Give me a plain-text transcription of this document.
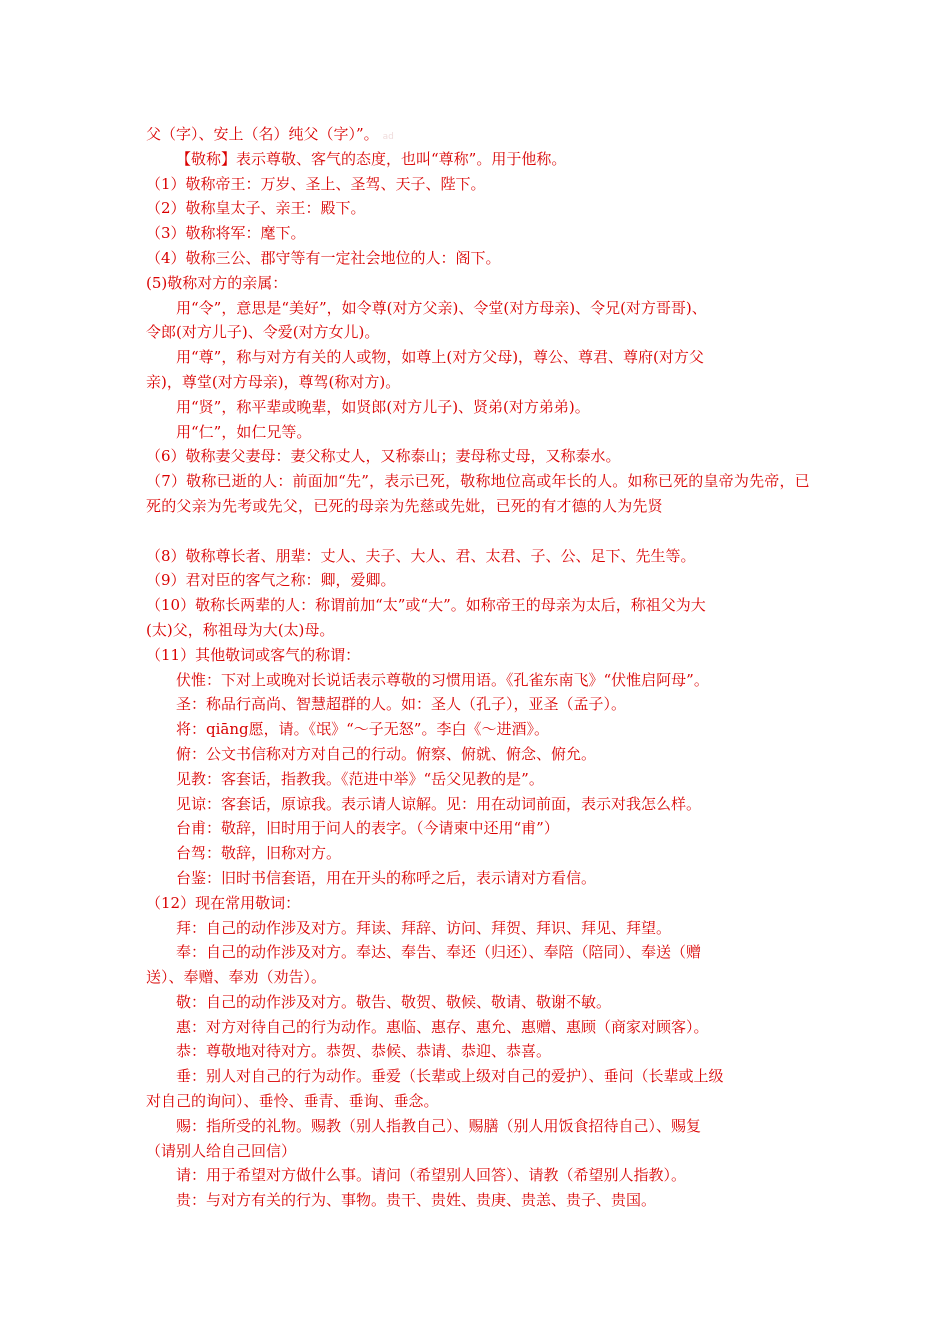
父（字）、安上（名）纯父（字）”。 ad

【敬称】表示尊敬、客气的态度，也叫“尊称”。用于他称。

（1）敬称帝王：万岁、圣上、圣驾、天子、陛下。

（2）敬称皇太子、亲王：殿下。

（3）敬称将军：麾下。

（4）敬称三公、郡守等有一定社会地位的人：阁下。

(5)敬称对方的亲属：

用“令”，意思是“美好”，如令尊(对方父亲)、令堂(对方母亲)、令兄(对方哥哥)、

令郎(对方儿子)、令爱(对方女儿)。

用“尊”，称与对方有关的人或物，如尊上(对方父母)，尊公、尊君、尊府(对方父

亲)，尊堂(对方母亲)，尊驾(称对方)。

用“贤”，称平辈或晚辈，如贤郎(对方儿子)、贤弟(对方弟弟)。

用“仁”，如仁兄等。

（6）敬称妻父妻母：妻父称丈人，又称泰山；妻母称丈母，又称泰水。

（7）敬称已逝的人：前面加“先”，表示已死，敬称地位高或年长的人。如称已死的皇帝为先帝，已死的父亲为先考或先父，已死的母亲为先慈或先妣，已死的有才德的人为先贤

（8）敬称尊长者、朋辈：丈人、夫子、大人、君、太君、子、公、足下、先生等。

（9）君对臣的客气之称：卿，爱卿。

（10）敬称长两辈的人：称谓前加“太”或“大”。如称帝王的母亲为太后，称祖父为大

(太)父，称祖母为大(太)母。

（11）其他敬词或客气的称谓：

伏惟：下对上或晚对长说话表示尊敬的习惯用语。《孔雀东南飞》“伏惟启阿母”。

圣：称品行高尚、智慧超群的人。如：圣人（孔子），亚圣（孟子）。

将：qiāng愿，请。《氓》“～子无怒”。李白《～进酒》。

俯：公文书信称对方对自己的行动。俯察、俯就、俯念、俯允。

见教：客套话，指教我。《范进中举》“岳父见教的是”。

见谅：客套话，原谅我。表示请人谅解。见：用在动词前面，表示对我怎么样。

台甫：敬辞，旧时用于问人的表字。（今请柬中还用“甫”）

台驾：敬辞，旧称对方。

台鉴：旧时书信套语，用在开头的称呼之后，表示请对方看信。

（12）现在常用敬词：

拜：自己的动作涉及对方。拜读、拜辞、访问、拜贺、拜识、拜见、拜望。

奉：自己的动作涉及对方。奉达、奉告、奉还（归还）、奉陪（陪同）、奉送（赠

送）、奉赠、奉劝（劝告）。

敬：自己的动作涉及对方。敬告、敬贺、敬候、敬请、敬谢不敏。

惠：对方对待自己的行为动作。惠临、惠存、惠允、惠赠、惠顾（商家对顾客）。

恭：尊敬地对待对方。恭贺、恭候、恭请、恭迎、恭喜。

垂：别人对自己的行为动作。垂爱（长辈或上级对自己的爱护）、垂问（长辈或上级

对自己的询问）、垂怜、垂青、垂询、垂念。

赐：指所受的礼物。赐教（别人指教自己）、赐膳（别人用饭食招待自己）、赐复

（请别人给自己回信）

请：用于希望对方做什么事。请问（希望别人回答）、请教（希望别人指教）。

贵：与对方有关的行为、事物。贵干、贵姓、贵庚、贵恙、贵子、贵国。
